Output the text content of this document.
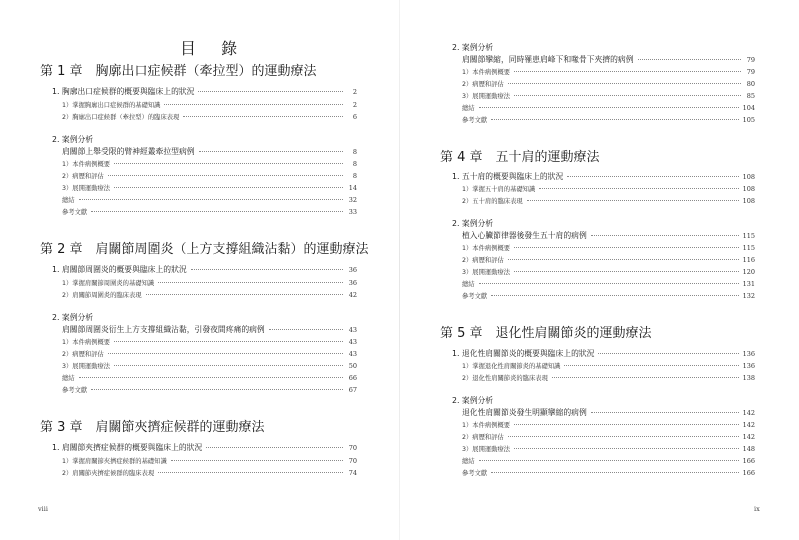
目 錄
第 1 章　胸廓出口症候群（牽拉型）的運動療法
1. 胸廓出口症候群的概要與臨床上的狀況	2
1）掌握胸廓出口症候群的基礎知識	2
2）胸廓出口症候群（牽拉型）的臨床表現	6
2. 案例分析
肩關節上舉受限的臂神經叢牽拉型病例	8
1）本件病例概要	8
2）病歷和評估	8
3）展開運動療法	14
總結	32
參考文獻	33
第 2 章　肩關節周圍炎（上方支撐組織沾黏）的運動療法
1. 肩關節周圍炎的概要與臨床上的狀況	36
1）掌握肩關節周圍炎的基礎知識	36
2）肩關節周圍炎的臨床表現	42
2. 案例分析
肩關節周圍炎衍生上方支撐組織沾黏，引發夜間疼痛的病例	43
1）本件病例概要	43
2）病歷和評估	43
3）展開運動療法	50
總結	66
參考文獻	67
第 3 章　肩關節夾擠症候群的運動療法
1. 肩關節夾擠症候群的概要與臨床上的狀況	70
1）掌握肩關節夾擠症候群的基礎知識	70
2）肩關節夾擠症候群的臨床表現	74
viii
2. 案例分析
肩關節攣縮，同時罹患肩峰下和喙骨下夾擠的病例	79
1）本件病例概要	79
2）病歷和評估	80
3）展開運動療法	85
總結	104
參考文獻	105
第 4 章　五十肩的運動療法
1. 五十肩的概要與臨床上的狀況	108
1）掌握五十肩的基礎知識	108
2）五十肩的臨床表現	108
2. 案例分析
植入心臟節律器後發生五十肩的病例	115
1）本件病例概要	115
2）病歷和評估	116
3）展開運動療法	120
總結	131
參考文獻	132
第 5 章　退化性肩關節炎的運動療法
1. 退化性肩關節炎的概要與臨床上的狀況	136
1）掌握退化性肩關節炎的基礎知識	136
2）退化性肩關節炎的臨床表現	138
2. 案例分析
退化性肩關節炎發生明顯攣縮的病例	142
1）本件病例概要	142
2）病歷和評估	142
3）展開運動療法	148
總結	166
參考文獻	166
ix
